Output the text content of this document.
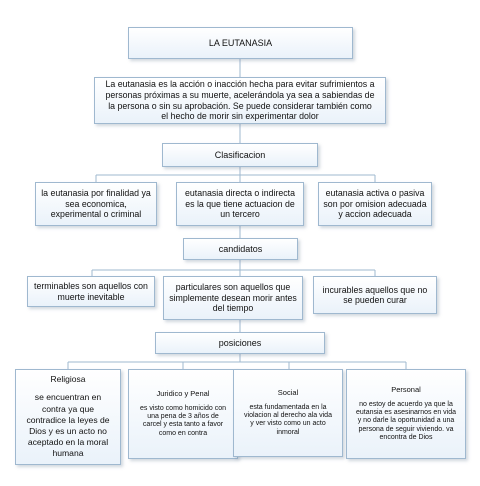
LA EUTANASIA
La eutanasia es la acción o inacción hecha para evitar sufrimientos a personas próximas a su muerte, acelerándola ya sea a sabiendas de la persona o sin su aprobación. Se puede considerar también como el hecho de morir sin experimentar dolor
Clasificacion
la eutanasia por finalidad ya sea economica, experimental o criminal
eutanasia directa o indirecta es la que tiene actuacion de un tercero
eutanasia activa o pasiva son por omision adecuada y accion adecuada
candidatos
terminables son aquellos con muerte inevitable
particulares son aquellos que simplemente desean morir antes del tiempo
incurables aquellos que no se pueden curar
posiciones
Religiosa
se encuentran en contra ya que contradice la leyes de Dios y es un acto no aceptado en la moral humana
Juridico y Penal
es visto como homicido con una pena de 3 años de carcel y esta tanto a favor como en contra
Social
esta fundamentada en la violacion al derecho ala vida y ver visto como un acto inmoral
Personal
no estoy de acuerdo ya que la eutansia es asesinarnos en vida y no darle la oportunidad a una persona de seguir viviendo. va encontra de Dios
